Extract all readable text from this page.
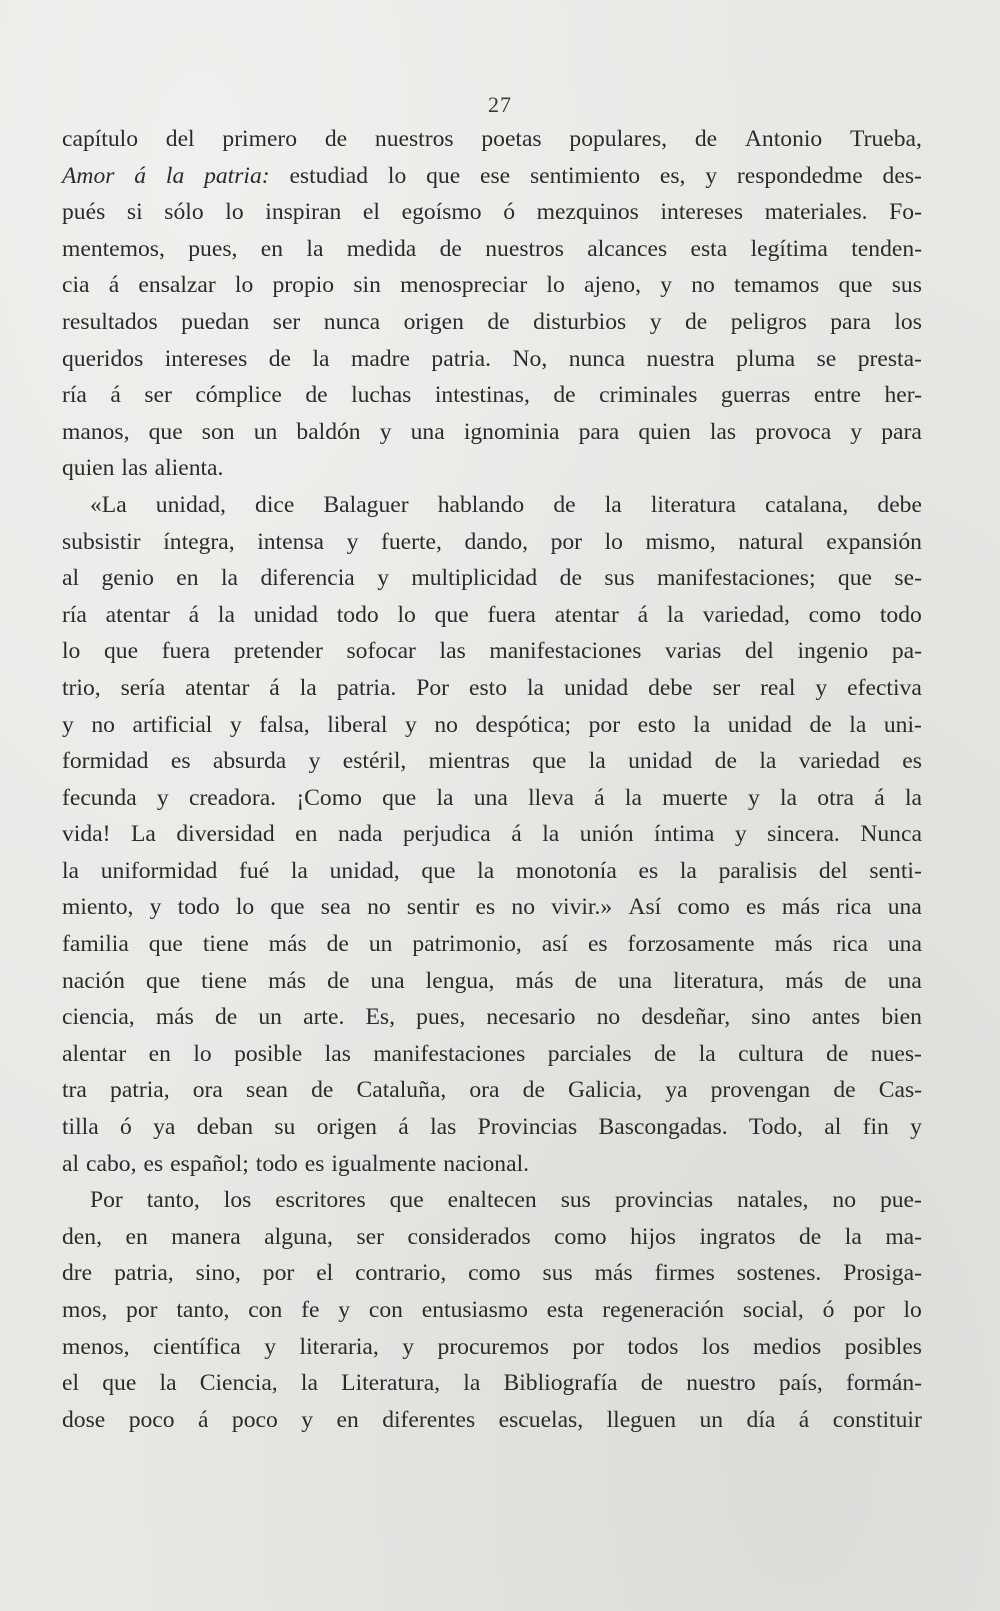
27
capítulo del primero de nuestros poetas populares, de Antonio Trueba,
Amor á la patria: estudiad lo que ese sentimiento es, y respondedme des-
pués si sólo lo inspiran el egoísmo ó mezquinos intereses materiales. Fo-
mentemos, pues, en la medida de nuestros alcances esta legítima tenden-
cia á ensalzar lo propio sin menospreciar lo ajeno, y no temamos que sus
resultados puedan ser nunca origen de disturbios y de peligros para los
queridos intereses de la madre patria. No, nunca nuestra pluma se presta-
ría á ser cómplice de luchas intestinas, de criminales guerras entre her-
manos, que son un baldón y una ignominia para quien las provoca y para
quien las alienta.
«La unidad, dice Balaguer hablando de la literatura catalana, debe
subsistir íntegra, intensa y fuerte, dando, por lo mismo, natural expansión
al genio en la diferencia y multiplicidad de sus manifestaciones; que se-
ría atentar á la unidad todo lo que fuera atentar á la variedad, como todo
lo que fuera pretender sofocar las manifestaciones varias del ingenio pa-
trio, sería atentar á la patria. Por esto la unidad debe ser real y efectiva
y no artificial y falsa, liberal y no despótica; por esto la unidad de la uni-
formidad es absurda y estéril, mientras que la unidad de la variedad es
fecunda y creadora. ¡Como que la una lleva á la muerte y la otra á la
vida! La diversidad en nada perjudica á la unión íntima y sincera. Nunca
la uniformidad fué la unidad, que la monotonía es la paralisis del senti-
miento, y todo lo que sea no sentir es no vivir.» Así como es más rica una
familia que tiene más de un patrimonio, así es forzosamente más rica una
nación que tiene más de una lengua, más de una literatura, más de una
ciencia, más de un arte. Es, pues, necesario no desdeñar, sino antes bien
alentar en lo posible las manifestaciones parciales de la cultura de nues-
tra patria, ora sean de Cataluña, ora de Galicia, ya provengan de Cas-
tilla ó ya deban su origen á las Provincias Bascongadas. Todo, al fin y
al cabo, es español; todo es igualmente nacional.
Por tanto, los escritores que enaltecen sus provincias natales, no pue-
den, en manera alguna, ser considerados como hijos ingratos de la ma-
dre patria, sino, por el contrario, como sus más firmes sostenes. Prosiga-
mos, por tanto, con fe y con entusiasmo esta regeneración social, ó por lo
menos, científica y literaria, y procuremos por todos los medios posibles
el que la Ciencia, la Literatura, la Bibliografía de nuestro país, formán-
dose poco á poco y en diferentes escuelas, lleguen un día á constituir
